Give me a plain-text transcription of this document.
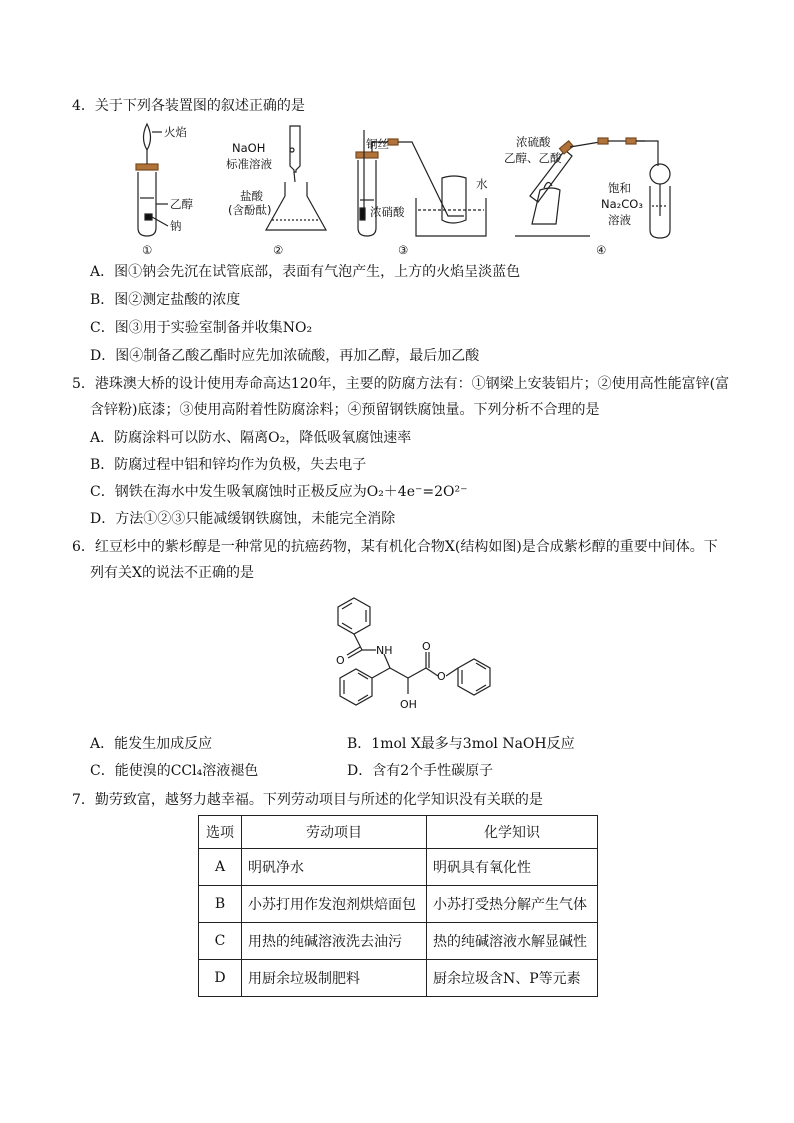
4．关于下列各装置图的叙述正确的是
火焰
乙醇
钠
NaOH
标准溶液
盐酸
(含酚酞)
铜丝
水
浓硝酸
浓硫酸
乙醇、乙酸
饱和
Na₂CO₃
溶液
①	②	③	④
A．图①钠会先沉在试管底部，表面有气泡产生，上方的火焰呈淡蓝色
B．图②测定盐酸的浓度
C．图③用于实验室制备并收集NO₂
D．图④制备乙酸乙酯时应先加浓硫酸，再加乙醇，最后加乙酸
5．港珠澳大桥的设计使用寿命高达120年，主要的防腐方法有：①钢梁上安装铝片；②使用高性能富锌(富
含锌粉)底漆；③使用高附着性防腐涂料；④预留钢铁腐蚀量。下列分析不合理的是
A．防腐涂料可以防水、隔离O₂，降低吸氧腐蚀速率
B．防腐过程中铝和锌均作为负极，失去电子
C．钢铁在海水中发生吸氧腐蚀时正极反应为O₂＋4e⁻=2O²⁻
D．方法①②③只能减缓钢铁腐蚀，未能完全消除
6．红豆杉中的紫杉醇是一种常见的抗癌药物，某有机化合物X(结构如图)是合成紫杉醇的重要中间体。下
列有关X的说法不正确的是
NH
O
O
O
OH
A．能发生加成反应	B．1mol X最多与3mol NaOH反应
C．能使溴的CCl₄溶液褪色	D．含有2个手性碳原子
7．勤劳致富，越努力越幸福。下列劳动项目与所述的化学知识没有关联的是
选项	劳动项目	化学知识
A	明矾净水	明矾具有氧化性
B	小苏打用作发泡剂烘焙面包	小苏打受热分解产生气体
C	用热的纯碱溶液洗去油污	热的纯碱溶液水解显碱性
D	用厨余垃圾制肥料	厨余垃圾含N、P等元素
